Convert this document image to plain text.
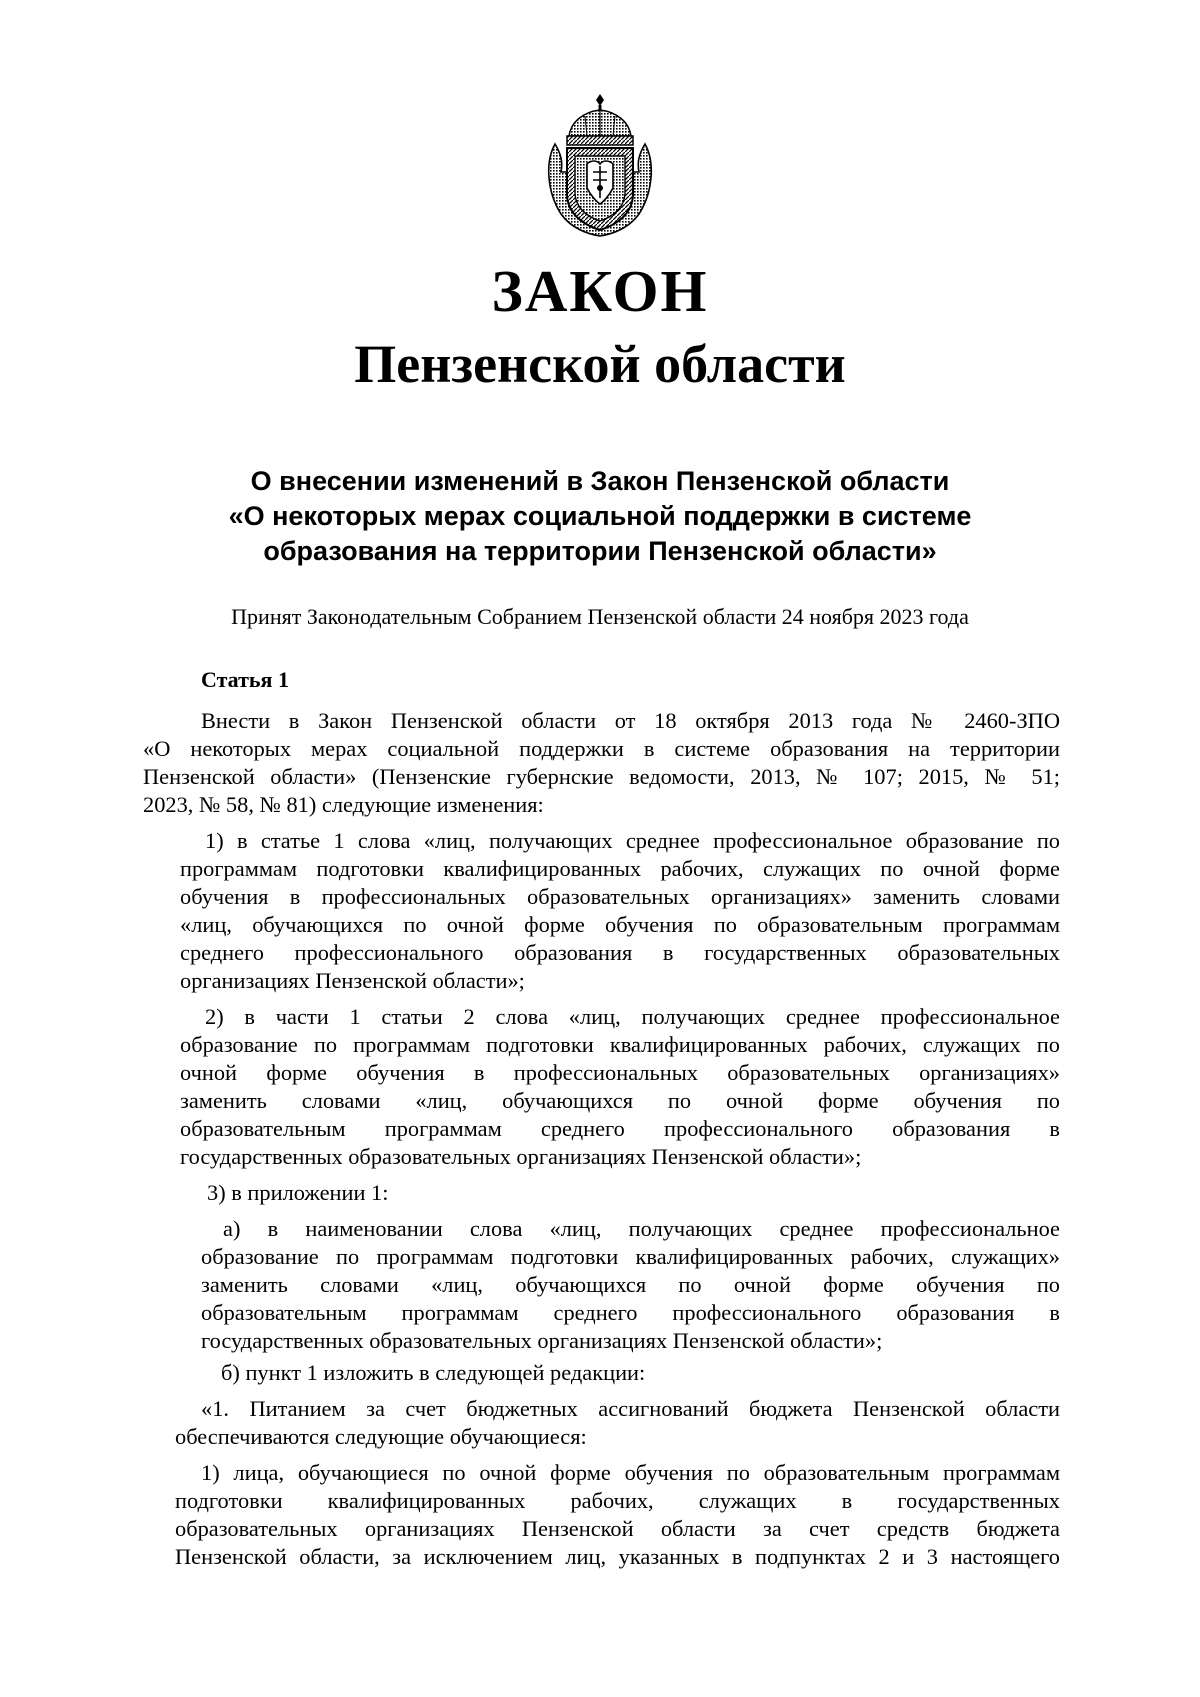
ЗАКОН
Пензенской области
О внесении изменений в Закон Пензенской области
«О некоторых мерах социальной поддержки в системе
образования на территории Пензенской области»
Принят Законодательным Собранием Пензенской области 24 ноября 2023 года
Статья 1
Внести в Закон Пензенской области от 18 октября 2013 года № 2460-ЗПО
«О некоторых мерах социальной поддержки в системе образования на территории
Пензенской области» (Пензенские губернские ведомости, 2013, № 107; 2015, № 51;
2023, № 58, № 81) следующие изменения:
1) в статье 1 слова «лиц, получающих среднее профессиональное образование по
программам подготовки квалифицированных рабочих, служащих по очной форме
обучения в профессиональных образовательных организациях» заменить словами
«лиц, обучающихся по очной форме обучения по образовательным программам
среднего профессионального образования в государственных образовательных
организациях Пензенской области»;
2) в части 1 статьи 2 слова «лиц, получающих среднее профессиональное
образование по программам подготовки квалифицированных рабочих, служащих по
очной форме обучения в профессиональных образовательных организациях»
заменить словами «лиц, обучающихся по очной форме обучения по
образовательным программам среднего профессионального образования в
государственных образовательных организациях Пензенской области»;
3) в приложении 1:
а) в наименовании слова «лиц, получающих среднее профессиональное
образование по программам подготовки квалифицированных рабочих, служащих»
заменить словами «лиц, обучающихся по очной форме обучения по
образовательным программам среднего профессионального образования в
государственных образовательных организациях Пензенской области»;
б) пункт 1 изложить в следующей редакции:
«1. Питанием за счет бюджетных ассигнований бюджета Пензенской области
обеспечиваются следующие обучающиеся:
1) лица, обучающиеся по очной форме обучения по образовательным программам
подготовки квалифицированных рабочих, служащих в государственных
образовательных организациях Пензенской области за счет средств бюджета
Пензенской области, за исключением лиц, указанных в подпунктах 2 и 3 настоящего
